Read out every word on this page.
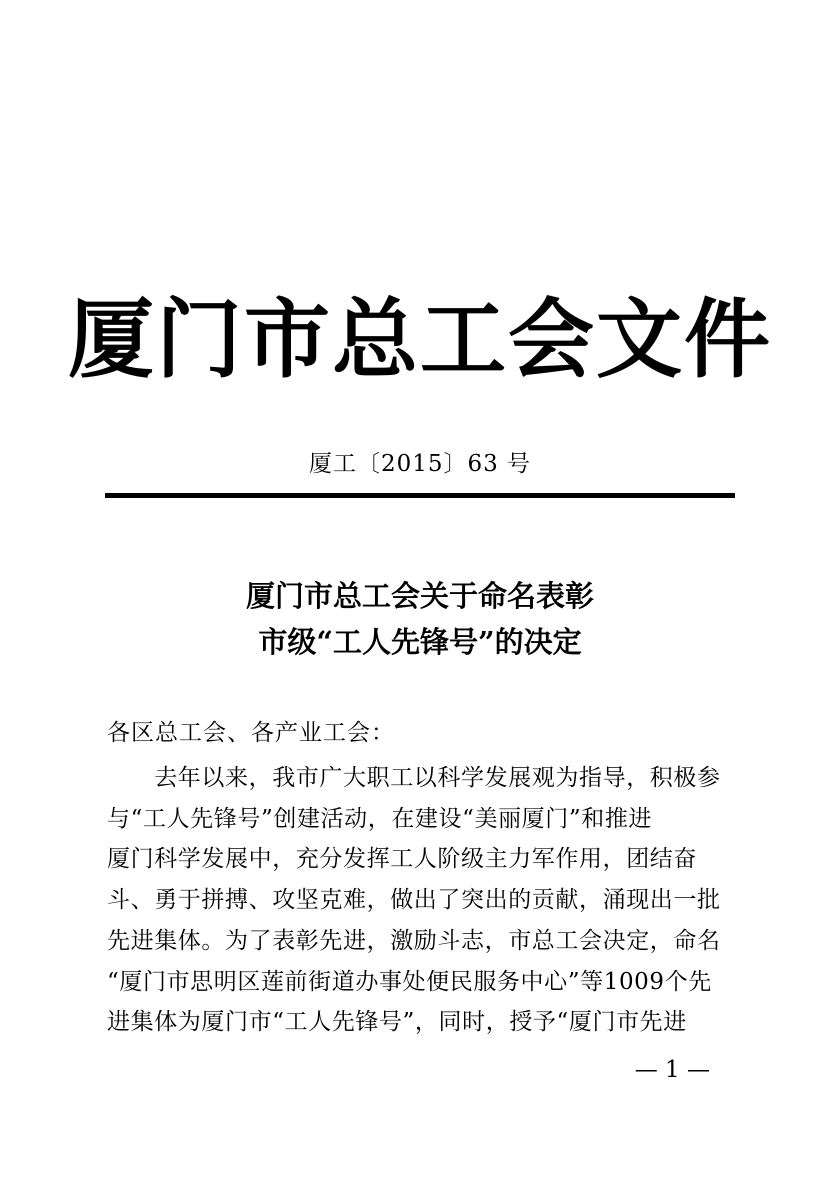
厦门市总工会文件
厦工〔2015〕63 号
厦门市总工会关于命名表彰
市级“工人先锋号”的决定
各区总工会、各产业工会：
　　去年以来，我市广大职工以科学发展观为指导，积极参
与“工人先锋号”创建活动，在建设“美丽厦门”和推进
厦门科学发展中，充分发挥工人阶级主力军作用，团结奋
斗、勇于拼搏、攻坚克难，做出了突出的贡献，涌现出一批
先进集体。为了表彰先进，激励斗志，市总工会决定，命名
“厦门市思明区莲前街道办事处便民服务中心”等1009个先
进集体为厦门市“工人先锋号”，同时，授予“厦门市先进
— 1 —
